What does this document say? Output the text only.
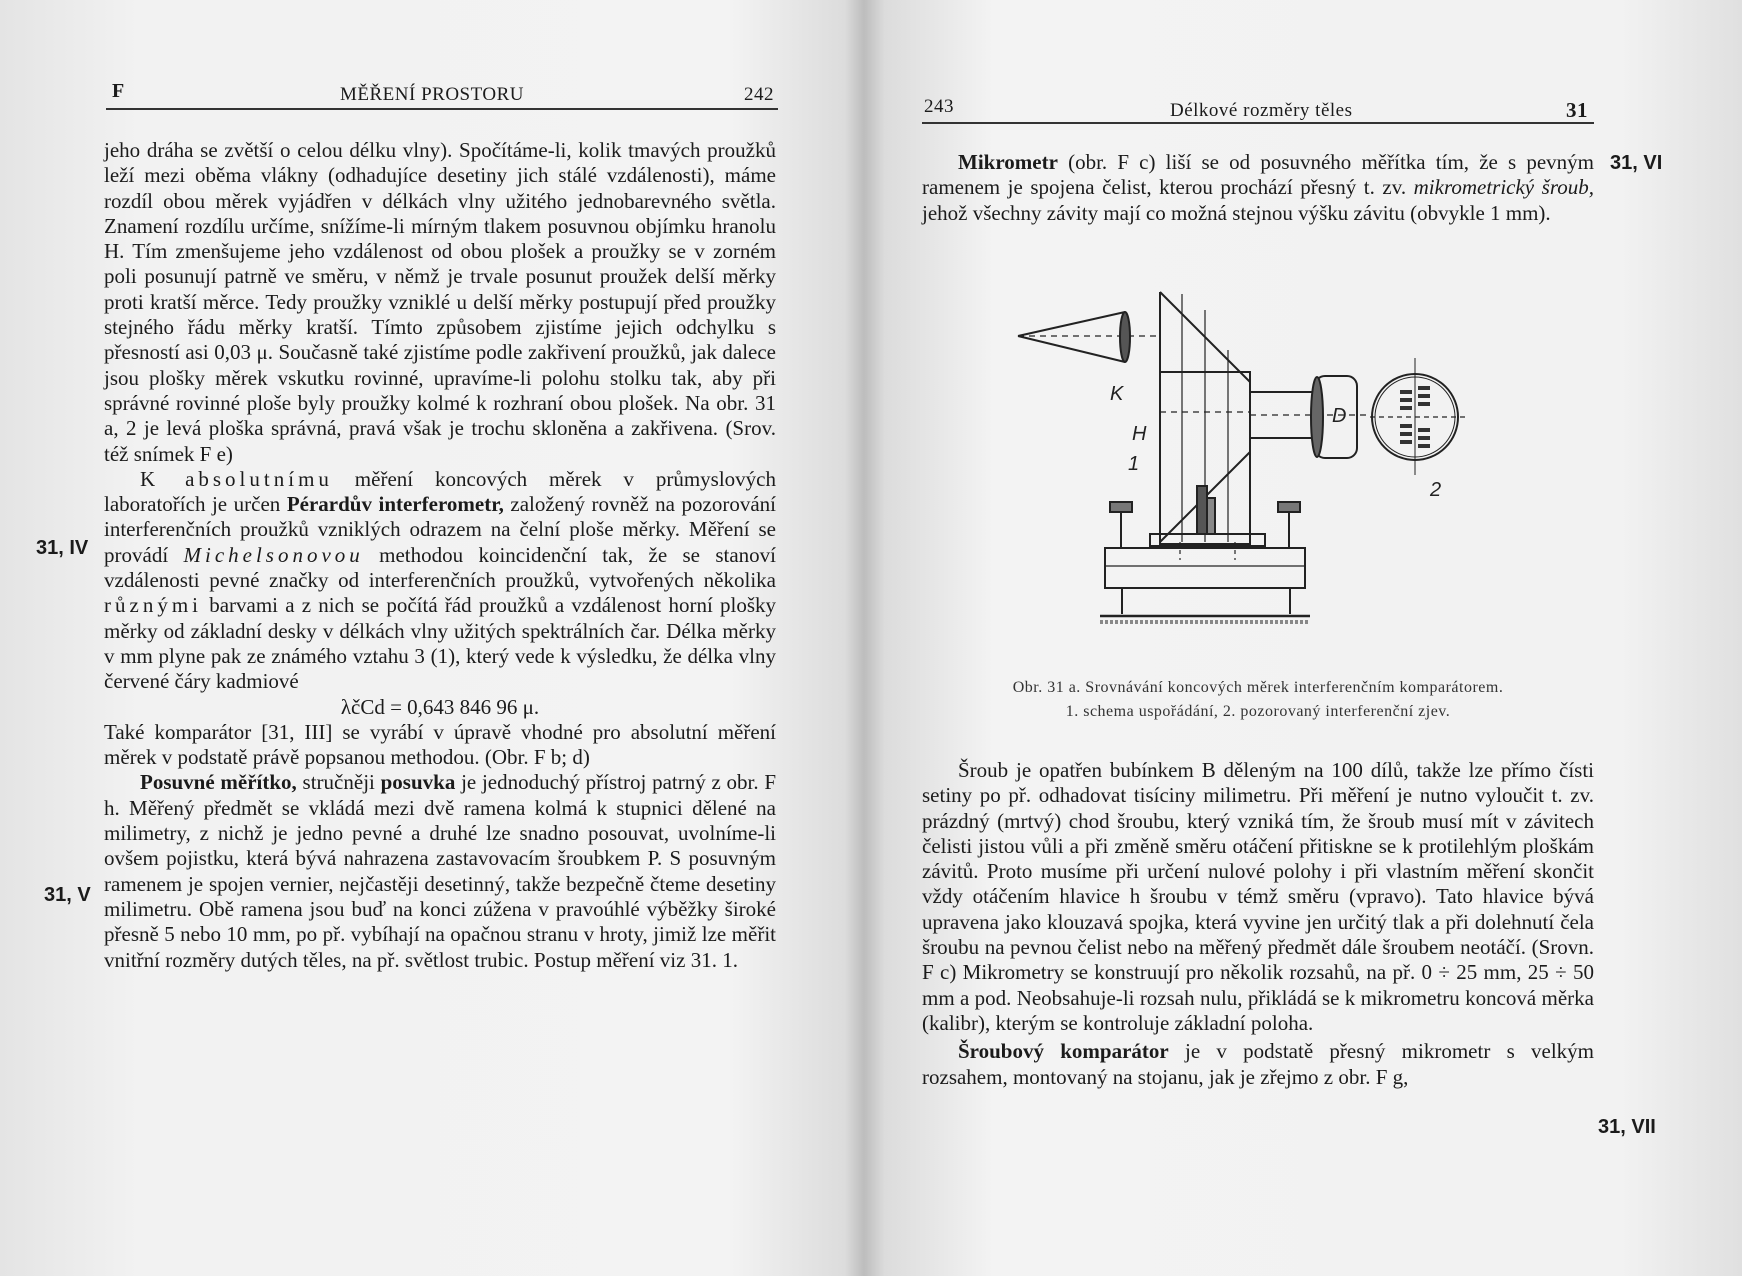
F	MĚŘENÍ PROSTORU	242

jeho dráha se zvětší o celou délku vlny). Spočítáme-li, kolik tmavých proužků leží mezi oběma vlákny (odhadujíce desetiny jich stálé vzdálenosti), máme rozdíl obou měrek vyjádřen v délkách vlny užitého jednobarevného světla. Znamení rozdílu určíme, snížíme-li mírným tlakem posuvnou objímku hranolu H. Tím zmenšujeme jeho vzdálenost od obou plošek a proužky se v zorném poli posunují patrně ve směru, v němž je trvale posunut proužek delší měrky proti kratší měrce. Tedy proužky vzniklé u delší měrky postupují před proužky stejného řádu měrky kratší. Tímto způsobem zjistíme jejich odchylku s přesností asi 0,03 μ. Současně také zjistíme podle zakřivení proužků, jak dalece jsou plošky měrek vskutku rovinné, upravíme-li polohu stolku tak, aby při správné rovinné ploše byly proužky kolmé k rozhraní obou plošek. Na obr. 31 a, 2 je levá ploška správná, pravá však je trochu skloněna a zakřivena. (Srov. též snímek F e)

K absolutnímu měření koncových měrek v průmyslových laboratořích je určen Pérardův interferometr, založený rovněž na pozorování interferenčních proužků vzniklých odrazem na čelní ploše měrky. Měření se provádí Michelsonovou methodou koincidenční tak, že se stanoví vzdálenosti pevné značky od interferenčních proužků, vytvořených několika různými barvami a z nich se počítá řád proužků a vzdálenost horní plošky měrky od základní desky v délkách vlny užitých spektrálních čar. Délka měrky v mm plyne pak ze známého vztahu 3 (1), který vede k výsledku, že délka vlny červené čáry kadmiové

λčCd = 0,643 846 96 μ.

Také komparátor [31, III] se vyrábí v úpravě vhodné pro absolutní měření měrek v podstatě právě popsanou methodou. (Obr. F b; d)

Posuvné měřítko, stručněji posuvka je jednoduchý přístroj patrný z obr. F h. Měřený předmět se vkládá mezi dvě ramena kolmá k stupnici dělené na milimetry, z nichž je jedno pevné a druhé lze snadno posouvat, uvolníme-li ovšem pojistku, která bývá nahrazena zastavovacím šroubkem P. S posuvným ramenem je spojen vernier, nejčastěji desetinný, takže bezpečně čteme desetiny milimetru. Obě ramena jsou buď na konci zúžena v pravoúhlé výběžky široké přesně 5 nebo 10 mm, po př. vybíhají na opačnou stranu v hroty, jimiž lze měřit vnitřní rozměry dutých těles, na př. světlost trubic. Postup měření viz 31. 1.

31, IV
31, V
243	Délkové rozměry těles	31

Mikrometr (obr. F c) liší se od posuvného měřítka tím, že s pevným ramenem je spojena čelist, kterou prochází přesný t. zv. mikrometrický šroub, jehož všechny závity mají co možná stejnou výšku závitu (obvykle 1 mm).

31, VI
K
H
D
1
2
Obr. 31 a. Srovnávání koncových měrek interferenčním komparátorem.
1. schema uspořádání, 2. pozorovaný interferenční zjev.

Šroub je opatřen bubínkem B děleným na 100 dílů, takže lze přímo čísti setiny po př. odhadovat tisíciny milimetru. Při měření je nutno vyloučit t. zv. prázdný (mrtvý) chod šroubu, který vzniká tím, že šroub musí mít v závitech čelisti jistou vůli a při změně směru otáčení přitiskne se k protilehlým ploškám závitů. Proto musíme při určení nulové polohy i při vlastním měření skončit vždy otáčením hlavice h šroubu v témž směru (vpravo). Tato hlavice bývá upravena jako klouzavá spojka, která vyvine jen určitý tlak a při dolehnutí čela šroubu na pevnou čelist nebo na měřený předmět dále šroubem neotáčí. (Srovn. F c) Mikrometry se konstruují pro několik rozsahů, na př. 0 ÷ 25 mm, 25 ÷ 50 mm a pod. Neobsahuje-li rozsah nulu, přikládá se k mikrometru koncová měrka (kalibr), kterým se kontroluje základní poloha.

Šroubový komparátor je v podstatě přesný mikrometr s velkým rozsahem, montovaný na stojanu, jak je zřejmo z obr. F g,

31, VII
